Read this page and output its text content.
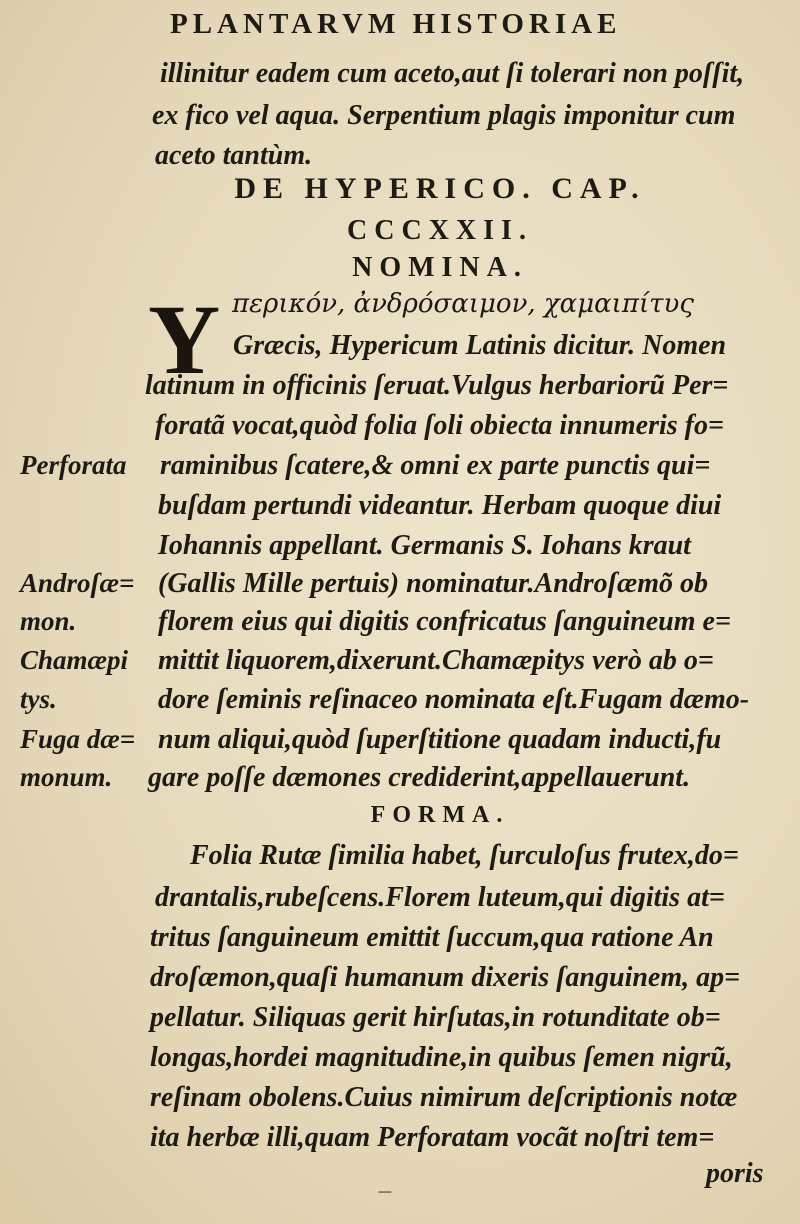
PLANTARVM HISTORIAE
illinitur eadem cum aceto,aut ſi tolerari non poſſit,
ex fico vel aqua. Serpentium plagis imponitur cum
aceto tantùm.
DE HYPERICO. CAP.
CCCXXII.
NOMINA.
Y περικόν, ἀνδρόσαιμον, χαμαιπίτυς
Græcis, Hypericum Latinis dicitur. Nomen
latinum in officinis ſeruat.Vulgus herbariorũ Per=
foratã vocat,quòd folia ſoli obiecta innumeris fo=
raminibus ſcatere,& omni ex parte punctis qui=
buſdam pertundi videantur. Herbam quoque diui
Iohannis appellant. Germanis S. Iohans kraut
(Gallis Mille pertuis) nominatur.Androſæmõ ob
florem eius qui digitis confricatus ſanguineum e=
mittit liquorem,dixerunt.Chamæpitys verò ab o=
dore ſeminis reſinaceo nominata eſt.Fugam dæmo-
num aliqui,quòd ſuperſtitione quadam inducti,fu
gare poſſe dæmones crediderint,appellauerunt.
Perforata
Androſæ=
mon.
Chamæpi
tys.
Fuga dæ=
monum.
FORMA.
Folia Rutæ ſimilia habet, ſurculoſus frutex,do=
drantalis,rubeſcens.Florem luteum,qui digitis at=
tritus ſanguineum emittit ſuccum,qua ratione An
droſæmon,quaſi humanum dixeris ſanguinem, ap=
pellatur. Siliquas gerit hirſutas,in rotunditate ob=
longas,hordei magnitudine,in quibus ſemen nigrũ,
reſinam obolens.Cuius nimirum deſcriptionis notæ
ita herbæ illi,quam Perforatam vocãt noſtri tem=
poris
—
